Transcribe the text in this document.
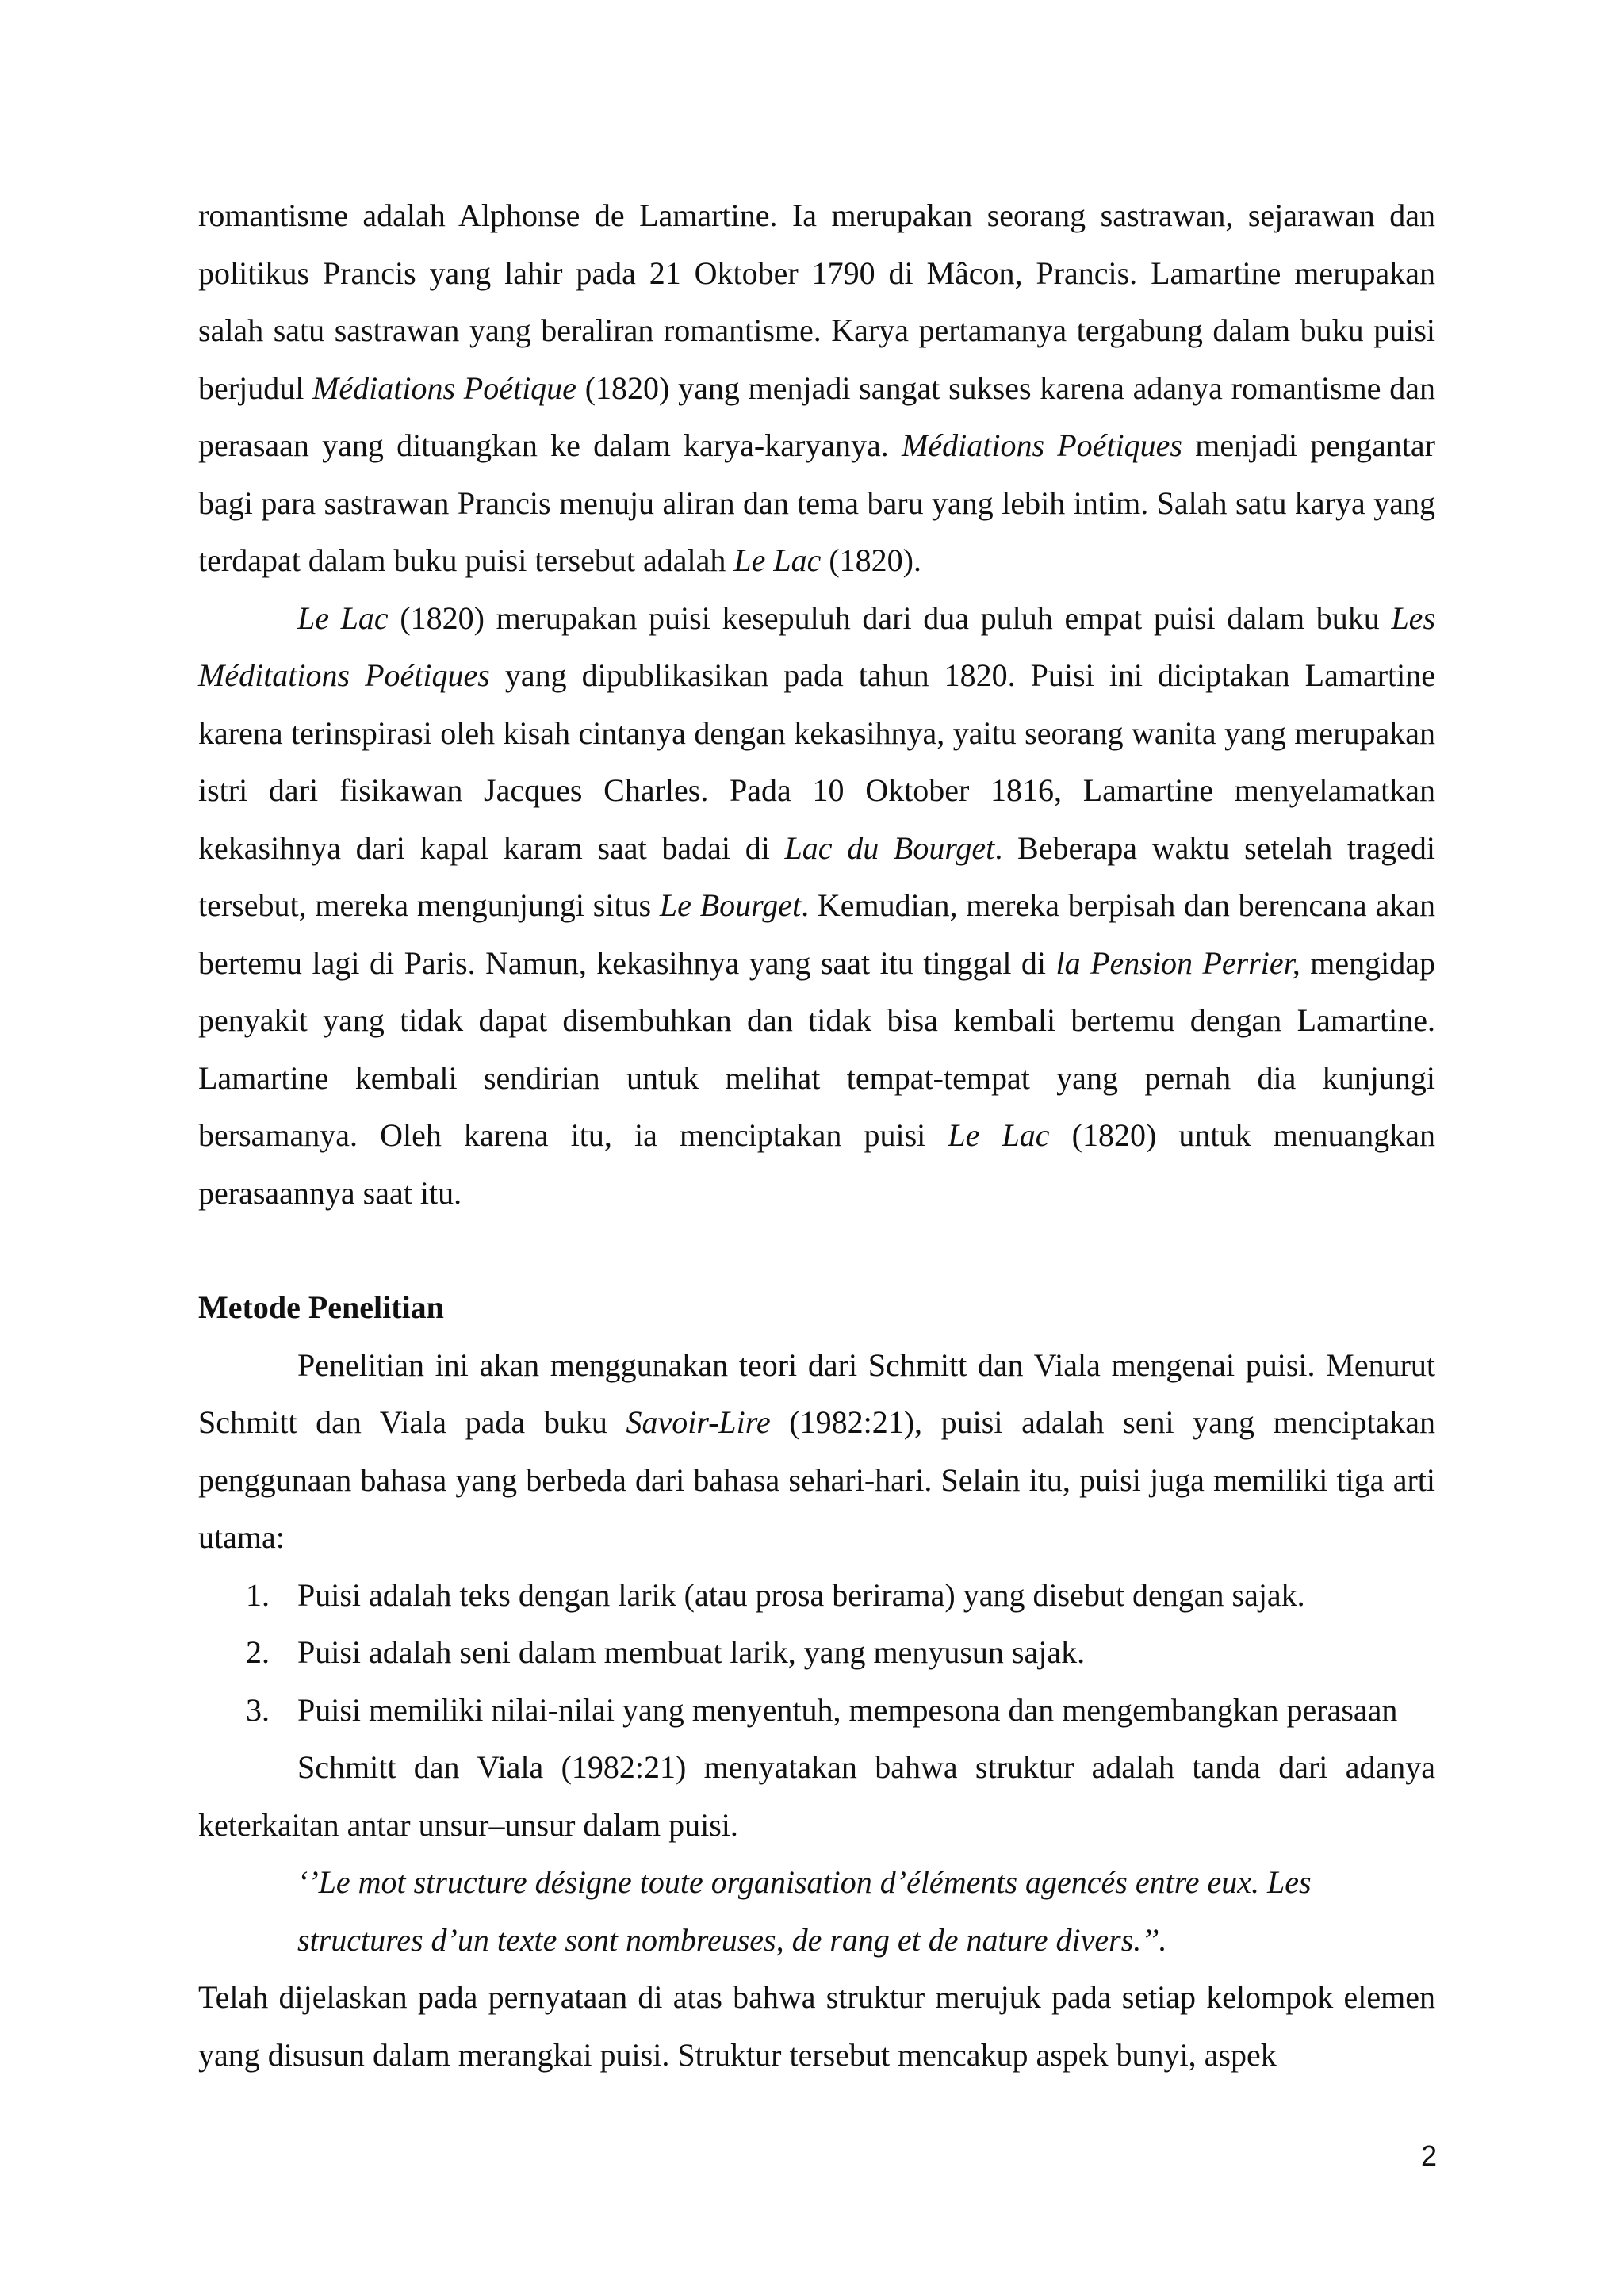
romantisme adalah Alphonse de Lamartine. Ia merupakan seorang sastrawan, sejarawan dan politikus Prancis yang lahir pada 21 Oktober 1790 di Mâcon, Prancis. Lamartine merupakan salah satu sastrawan yang beraliran romantisme. Karya pertamanya tergabung dalam buku puisi berjudul Médiations Poétique (1820) yang menjadi sangat sukses karena adanya romantisme dan perasaan yang dituangkan ke dalam karya-karyanya. Médiations Poétiques menjadi pengantar bagi para sastrawan Prancis menuju aliran dan tema baru yang lebih intim. Salah satu karya yang terdapat dalam buku puisi tersebut adalah Le Lac (1820).

Le Lac (1820) merupakan puisi kesepuluh dari dua puluh empat puisi dalam buku Les Méditations Poétiques yang dipublikasikan pada tahun 1820. Puisi ini diciptakan Lamartine karena terinspirasi oleh kisah cintanya dengan kekasihnya, yaitu seorang wanita yang merupakan istri dari fisikawan Jacques Charles. Pada 10 Oktober 1816, Lamartine menyelamatkan kekasihnya dari kapal karam saat badai di Lac du Bourget. Beberapa waktu setelah tragedi tersebut, mereka mengunjungi situs Le Bourget. Kemudian, mereka berpisah dan berencana akan bertemu lagi di Paris. Namun, kekasihnya yang saat itu tinggal di la Pension Perrier, mengidap penyakit yang tidak dapat disembuhkan dan tidak bisa kembali bertemu dengan Lamartine. Lamartine kembali sendirian untuk melihat tempat-tempat yang pernah dia kunjungi bersamanya. Oleh karena itu, ia menciptakan puisi Le Lac (1820) untuk menuangkan perasaannya saat itu.

Metode Penelitian

Penelitian ini akan menggunakan teori dari Schmitt dan Viala mengenai puisi. Menurut Schmitt dan Viala pada buku Savoir-Lire (1982:21), puisi adalah seni yang menciptakan penggunaan bahasa yang berbeda dari bahasa sehari-hari. Selain itu, puisi juga memiliki tiga arti utama:

1. Puisi adalah teks dengan larik (atau prosa berirama) yang disebut dengan sajak.
2. Puisi adalah seni dalam membuat larik, yang menyusun sajak.
3. Puisi memiliki nilai-nilai yang menyentuh, mempesona dan mengembangkan perasaan

Schmitt dan Viala (1982:21) menyatakan bahwa struktur adalah tanda dari adanya keterkaitan antar unsur–unsur dalam puisi.

‘’Le mot structure désigne toute organisation d’éléments agencés entre eux. Les structures d’un texte sont nombreuses, de rang et de nature divers.’’.

Telah dijelaskan pada pernyataan di atas bahwa struktur merujuk pada setiap kelompok elemen yang disusun dalam merangkai puisi. Struktur tersebut mencakup aspek bunyi, aspek

2
